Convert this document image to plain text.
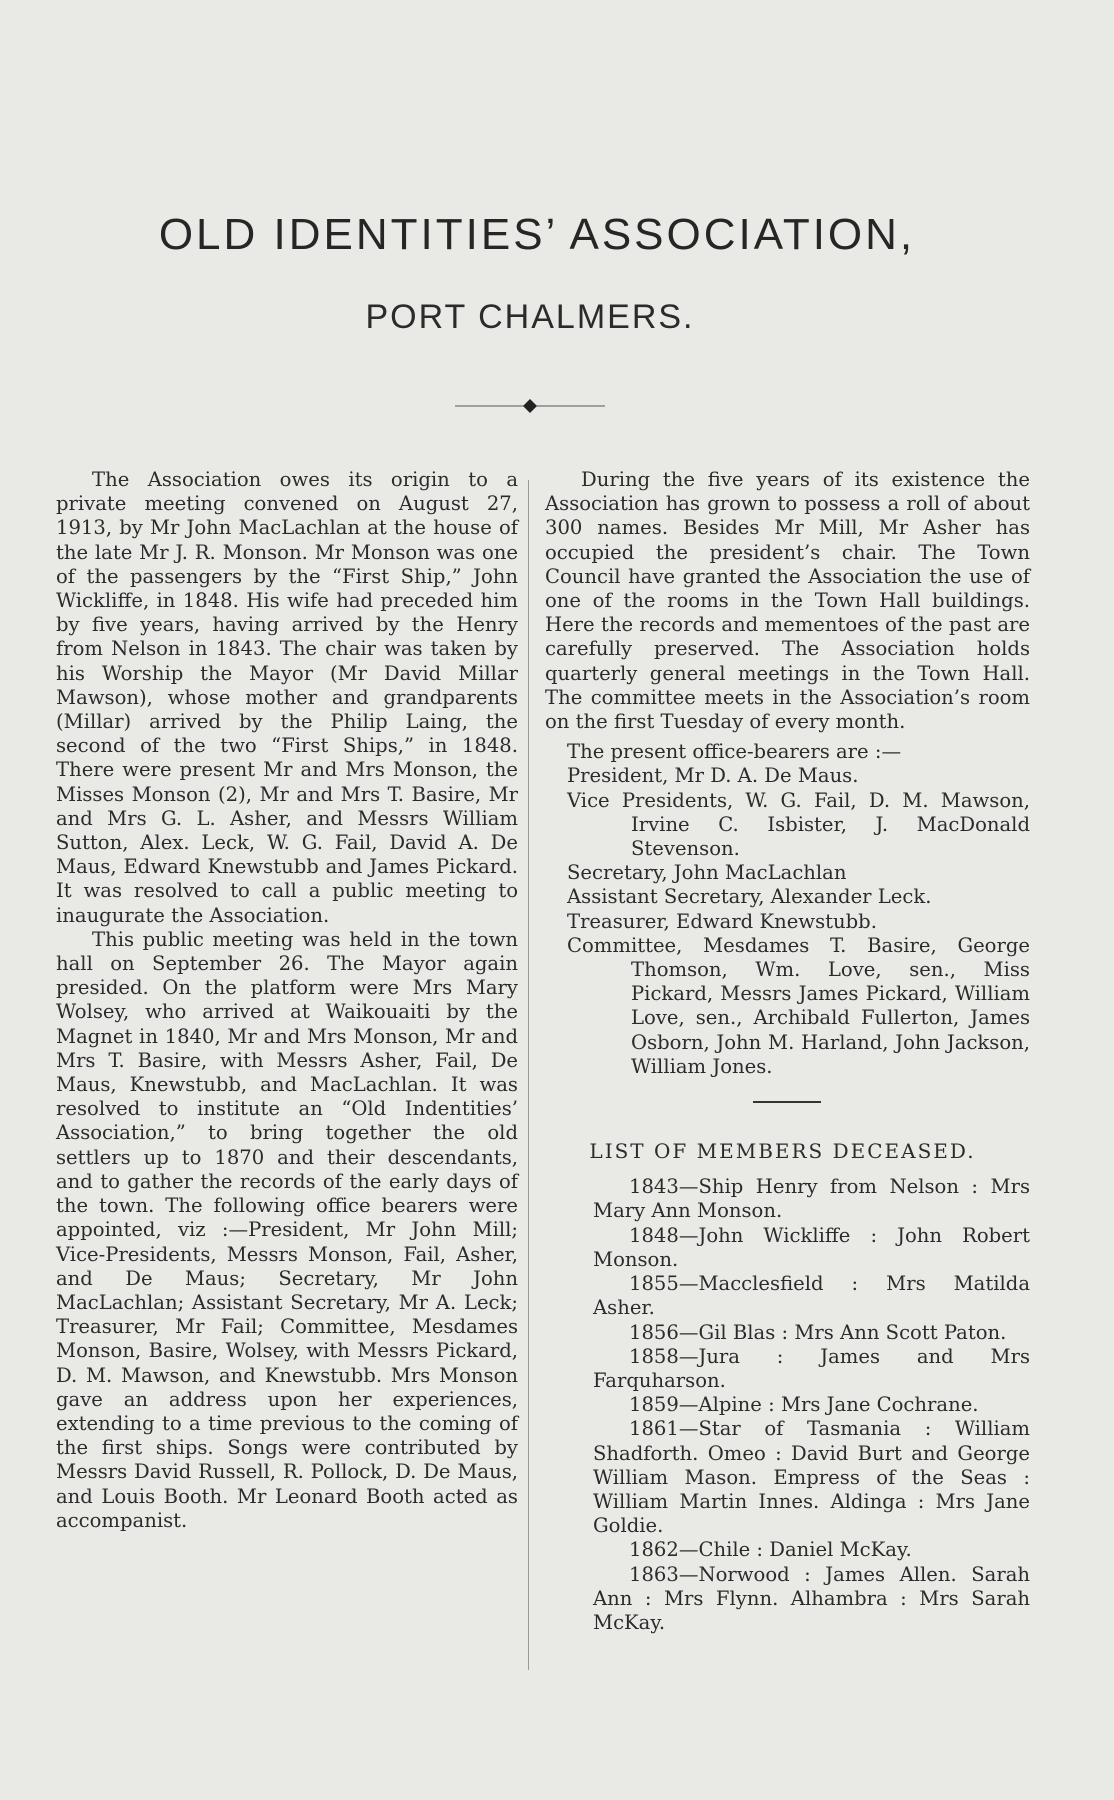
OLD IDENTITIES’ ASSOCIATION,
PORT CHALMERS.

The Association owes its origin to a private meeting convened on August 27, 1913, by Mr John MacLachlan at the house of the late Mr J. R. Monson. Mr Monson was one of the passengers by the “First Ship,” John Wickliffe, in 1848. His wife had preceded him by five years, having arrived by the Henry from Nelson in 1843. The chair was taken by his Worship the Mayor (Mr David Millar Mawson), whose mother and grandparents (Millar) arrived by the Philip Laing, the second of the two “First Ships,” in 1848. There were present Mr and Mrs Monson, the Misses Monson (2), Mr and Mrs T. Basire, Mr and Mrs G. L. Asher, and Messrs William Sutton, Alex. Leck, W. G. Fail, David A. De Maus, Edward Knewstubb and James Pickard. It was resolved to call a public meeting to inaugurate the Association.

This public meeting was held in the town hall on September 26. The Mayor again presided. On the platform were Mrs Mary Wolsey, who arrived at Waikouaiti by the Magnet in 1840, Mr and Mrs Monson, Mr and Mrs T. Basire, with Messrs Asher, Fail, De Maus, Knewstubb, and MacLachlan. It was resolved to institute an “Old Indentities’ Association,” to bring together the old settlers up to 1870 and their descendants, and to gather the records of the early days of the town. The following office bearers were appointed, viz :—President, Mr John Mill; Vice-Presidents, Messrs Monson, Fail, Asher, and De Maus; Secretary, Mr John MacLachlan; Assistant Secretary, Mr A. Leck; Treasurer, Mr Fail; Committee, Mesdames Monson, Basire, Wolsey, with Messrs Pickard, D. M. Mawson, and Knewstubb. Mrs Monson gave an address upon her experiences, extending to a time previous to the coming of the first ships. Songs were contributed by Messrs David Russell, R. Pollock, D. De Maus, and Louis Booth. Mr Leonard Booth acted as accompanist.

During the five years of its existence the Association has grown to possess a roll of about 300 names. Besides Mr Mill, Mr Asher has occupied the president’s chair. The Town Council have granted the Association the use of one of the rooms in the Town Hall buildings. Here the records and mementoes of the past are carefully preserved. The Association holds quarterly general meetings in the Town Hall. The committee meets in the Association’s room on the first Tuesday of every month.

The present office-bearers are :—

President, Mr D. A. De Maus.
Vice Presidents, W. G. Fail, D. M. Mawson, Irvine C. Isbister, J. MacDonald Stevenson.
Secretary, John MacLachlan
Assistant Secretary, Alexander Leck.
Treasurer, Edward Knewstubb.
Committee, Mesdames T. Basire, George Thomson, Wm. Love, sen., Miss Pickard, Messrs James Pickard, William Love, sen., Archibald Fullerton, James Osborn, John M. Harland, John Jackson, William Jones.
LIST OF MEMBERS DECEASED.

1843—Ship Henry from Nelson : Mrs Mary Ann Monson.

1848—John Wickliffe : John Robert Monson.

1855—Macclesfield : Mrs Matilda Asher.

1856—Gil Blas : Mrs Ann Scott Paton.

1858—Jura : James and Mrs Farquharson.

1859—Alpine : Mrs Jane Cochrane.

1861—Star of Tasmania : William Shadforth. Omeo : David Burt and George William Mason. Empress of the Seas : William Martin Innes. Aldinga : Mrs Jane Goldie.

1862—Chile : Daniel McKay.

1863—Norwood : James Allen. Sarah Ann : Mrs Flynn. Alhambra : Mrs Sarah McKay.
